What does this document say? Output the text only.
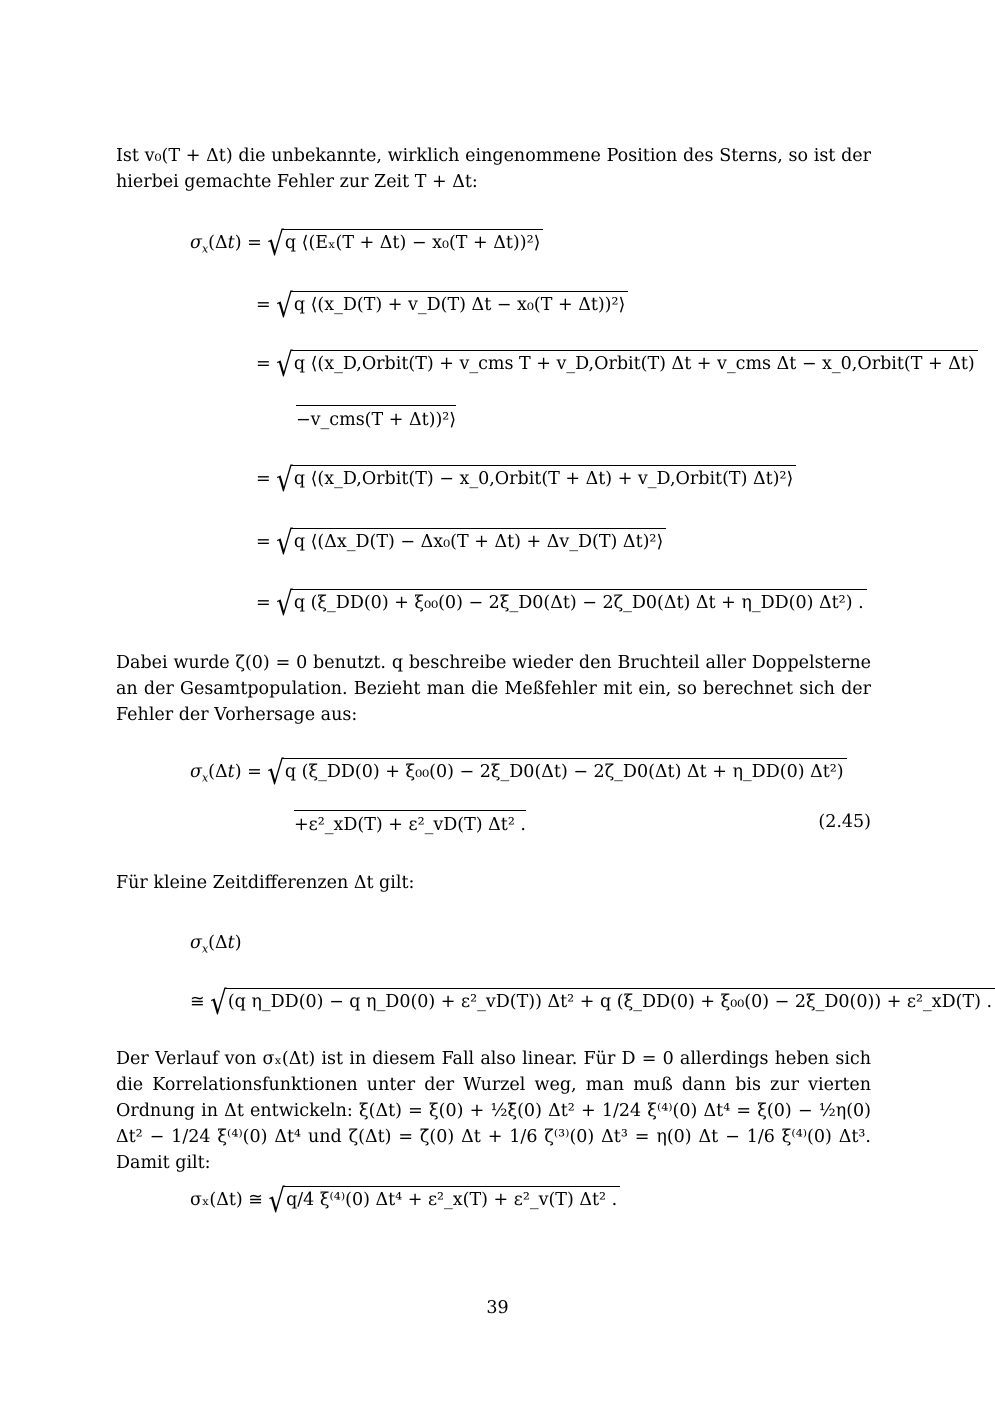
Ist v₀(T + Δt) die unbekannte, wirklich eingenommene Position des Sterns, so ist der hierbei gemachte Fehler zur Zeit T + Δt:
$\sigma_x(\Delta t) = √q$ ⟨(Eₓ(T + Δt) − x₀(T + Δt))²⟩
= √q ⟨(x_D(T) + v_D(T) Δt − x₀(T + Δt))²⟩
= √q ⟨(x_D,Orbit(T) + v_cms T + v_D,Orbit(T) Δt + v_cms Δt − x_0,Orbit(T + Δt)
−v_cms(T + Δt))²⟩
= √q ⟨(x_D,Orbit(T) − x_0,Orbit(T + Δt) + v_D,Orbit(T) Δt)²⟩
= √q ⟨(Δx_D(T) − Δx₀(T + Δt) + Δv_D(T) Δt)²⟩
= √q (ξ_DD(0) + ξ₀₀(0) − 2ξ_D0(Δt) − 2ζ_D0(Δt) Δt + η_DD(0) Δt²) .
Dabei wurde ζ(0) = 0 benutzt. q beschreibe wieder den Bruchteil aller Doppelsterne an der Gesamtpopulation. Bezieht man die Meßfehler mit ein, so berechnet sich der Fehler der Vorhersage aus:
$\sigma_x(\Delta t) = √q$ (ξ_DD(0) + ξ₀₀(0) − 2ξ_D0(Δt) − 2ζ_D0(Δt) Δt + η_DD(0) Δt²)
+ε²_xD(T) + ε²_vD(T) Δt² .	(2.45)
Für kleine Zeitdifferenzen Δt gilt:
$\sigma_x(\Delta t)$
≅ √(q η_DD(0) − q η_D0(0) + ε²_vD(T)) Δt² + q (ξ_DD(0) + ξ₀₀(0) − 2ξ_D0(0)) + ε²_xD(T) .
Der Verlauf von σₓ(Δt) ist in diesem Fall also linear. Für D = 0 allerdings heben sich die Korrelationsfunktionen unter der Wurzel weg, man muß dann bis zur vierten Ordnung in Δt entwickeln: ξ(Δt) = ξ(0) + ½ξ̈(0) Δt² + 1/24 ξ⁽⁴⁾(0) Δt⁴ = ξ(0) − ½η(0) Δt² − 1/24 ξ⁽⁴⁾(0) Δt⁴ und ζ(Δt) = ζ̇(0) Δt + 1/6 ζ⁽³⁾(0) Δt³ = η(0) Δt − 1/6 ξ⁽⁴⁾(0) Δt³. Damit gilt:
σₓ(Δt) ≅ √q/4 ξ⁽⁴⁾(0) Δt⁴ + ε²_x(T) + ε²_v(T) Δt² .
39
